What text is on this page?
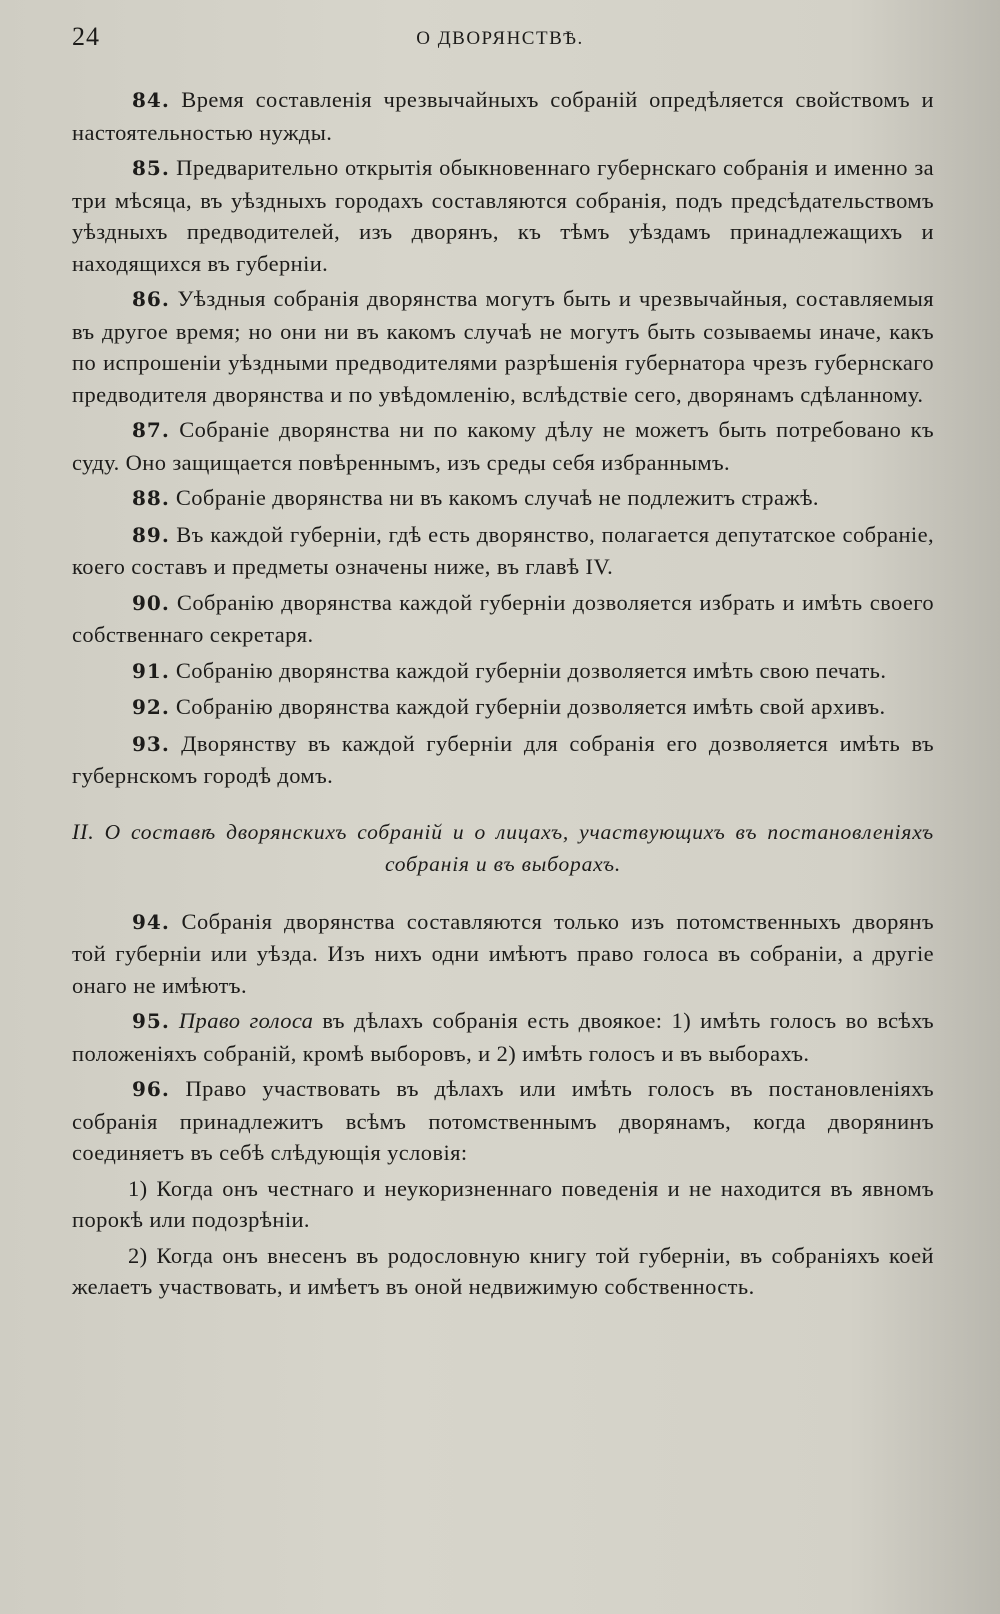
24	О ДВОРЯНСТВѢ.

84. Время составленія чрезвычайныхъ собраній опредѣляется свойствомъ и настоятельностью нужды.

85. Предварительно открытія обыкновеннаго губернскаго собранія и именно за три мѣсяца, въ уѣздныхъ городахъ составляются собранія, подъ предсѣдательствомъ уѣздныхъ предводителей, изъ дворянъ, къ тѣмъ уѣздамъ принадлежащихъ и находящихся въ губерніи.

86. Уѣздныя собранія дворянства могутъ быть и чрезвычайныя, составляемыя въ другое время; но они ни въ какомъ случаѣ не могутъ быть созываемы иначе, какъ по испрошеніи уѣздными предводителями разрѣшенія губернатора чрезъ губернскаго предводителя дворянства и по увѣдомленію, вслѣдствіе сего, дворянамъ сдѣланному.

87. Собраніе дворянства ни по какому дѣлу не можетъ быть потребовано къ суду. Оно защищается повѣреннымъ, изъ среды себя избраннымъ.

88. Собраніе дворянства ни въ какомъ случаѣ не подлежитъ стражѣ.

89. Въ каждой губерніи, гдѣ есть дворянство, полагается депутатское собраніе, коего составъ и предметы означены ниже, въ главѣ IV.

90. Собранію дворянства каждой губерніи дозволяется избрать и имѣть своего собственнаго секретаря.

91. Собранію дворянства каждой губерніи дозволяется имѣть свою печать.

92. Собранію дворянства каждой губерніи дозволяется имѣть свой архивъ.

93. Дворянству въ каждой губерніи для собранія его дозволяется имѣть въ губернскомъ городѣ домъ.

II. О составѣ дворянскихъ собраній и о лицахъ, участвующихъ въ постановленіяхъ собранія и въ выборахъ.

94. Собранія дворянства составляются только изъ потомственныхъ дворянъ той губерніи или уѣзда. Изъ нихъ одни имѣютъ право голоса въ собраніи, а другіе онаго не имѣютъ.

95. Право голоса въ дѣлахъ собранія есть двоякое: 1) имѣть голосъ во всѣхъ положеніяхъ собраній, кромѣ выборовъ, и 2) имѣть голосъ и въ выборахъ.

96. Право участвовать въ дѣлахъ или имѣть голосъ въ постановленіяхъ собранія принадлежитъ всѣмъ потомственнымъ дворянамъ, когда дворянинъ соединяетъ въ себѣ слѣдующія условія:

1) Когда онъ честнаго и неукоризненнаго поведенія и не находится въ явномъ порокѣ или подозрѣніи.

2) Когда онъ внесенъ въ родословную книгу той губерніи, въ собраніяхъ коей желаетъ участвовать, и имѣетъ въ оной недвижимую собственность.
